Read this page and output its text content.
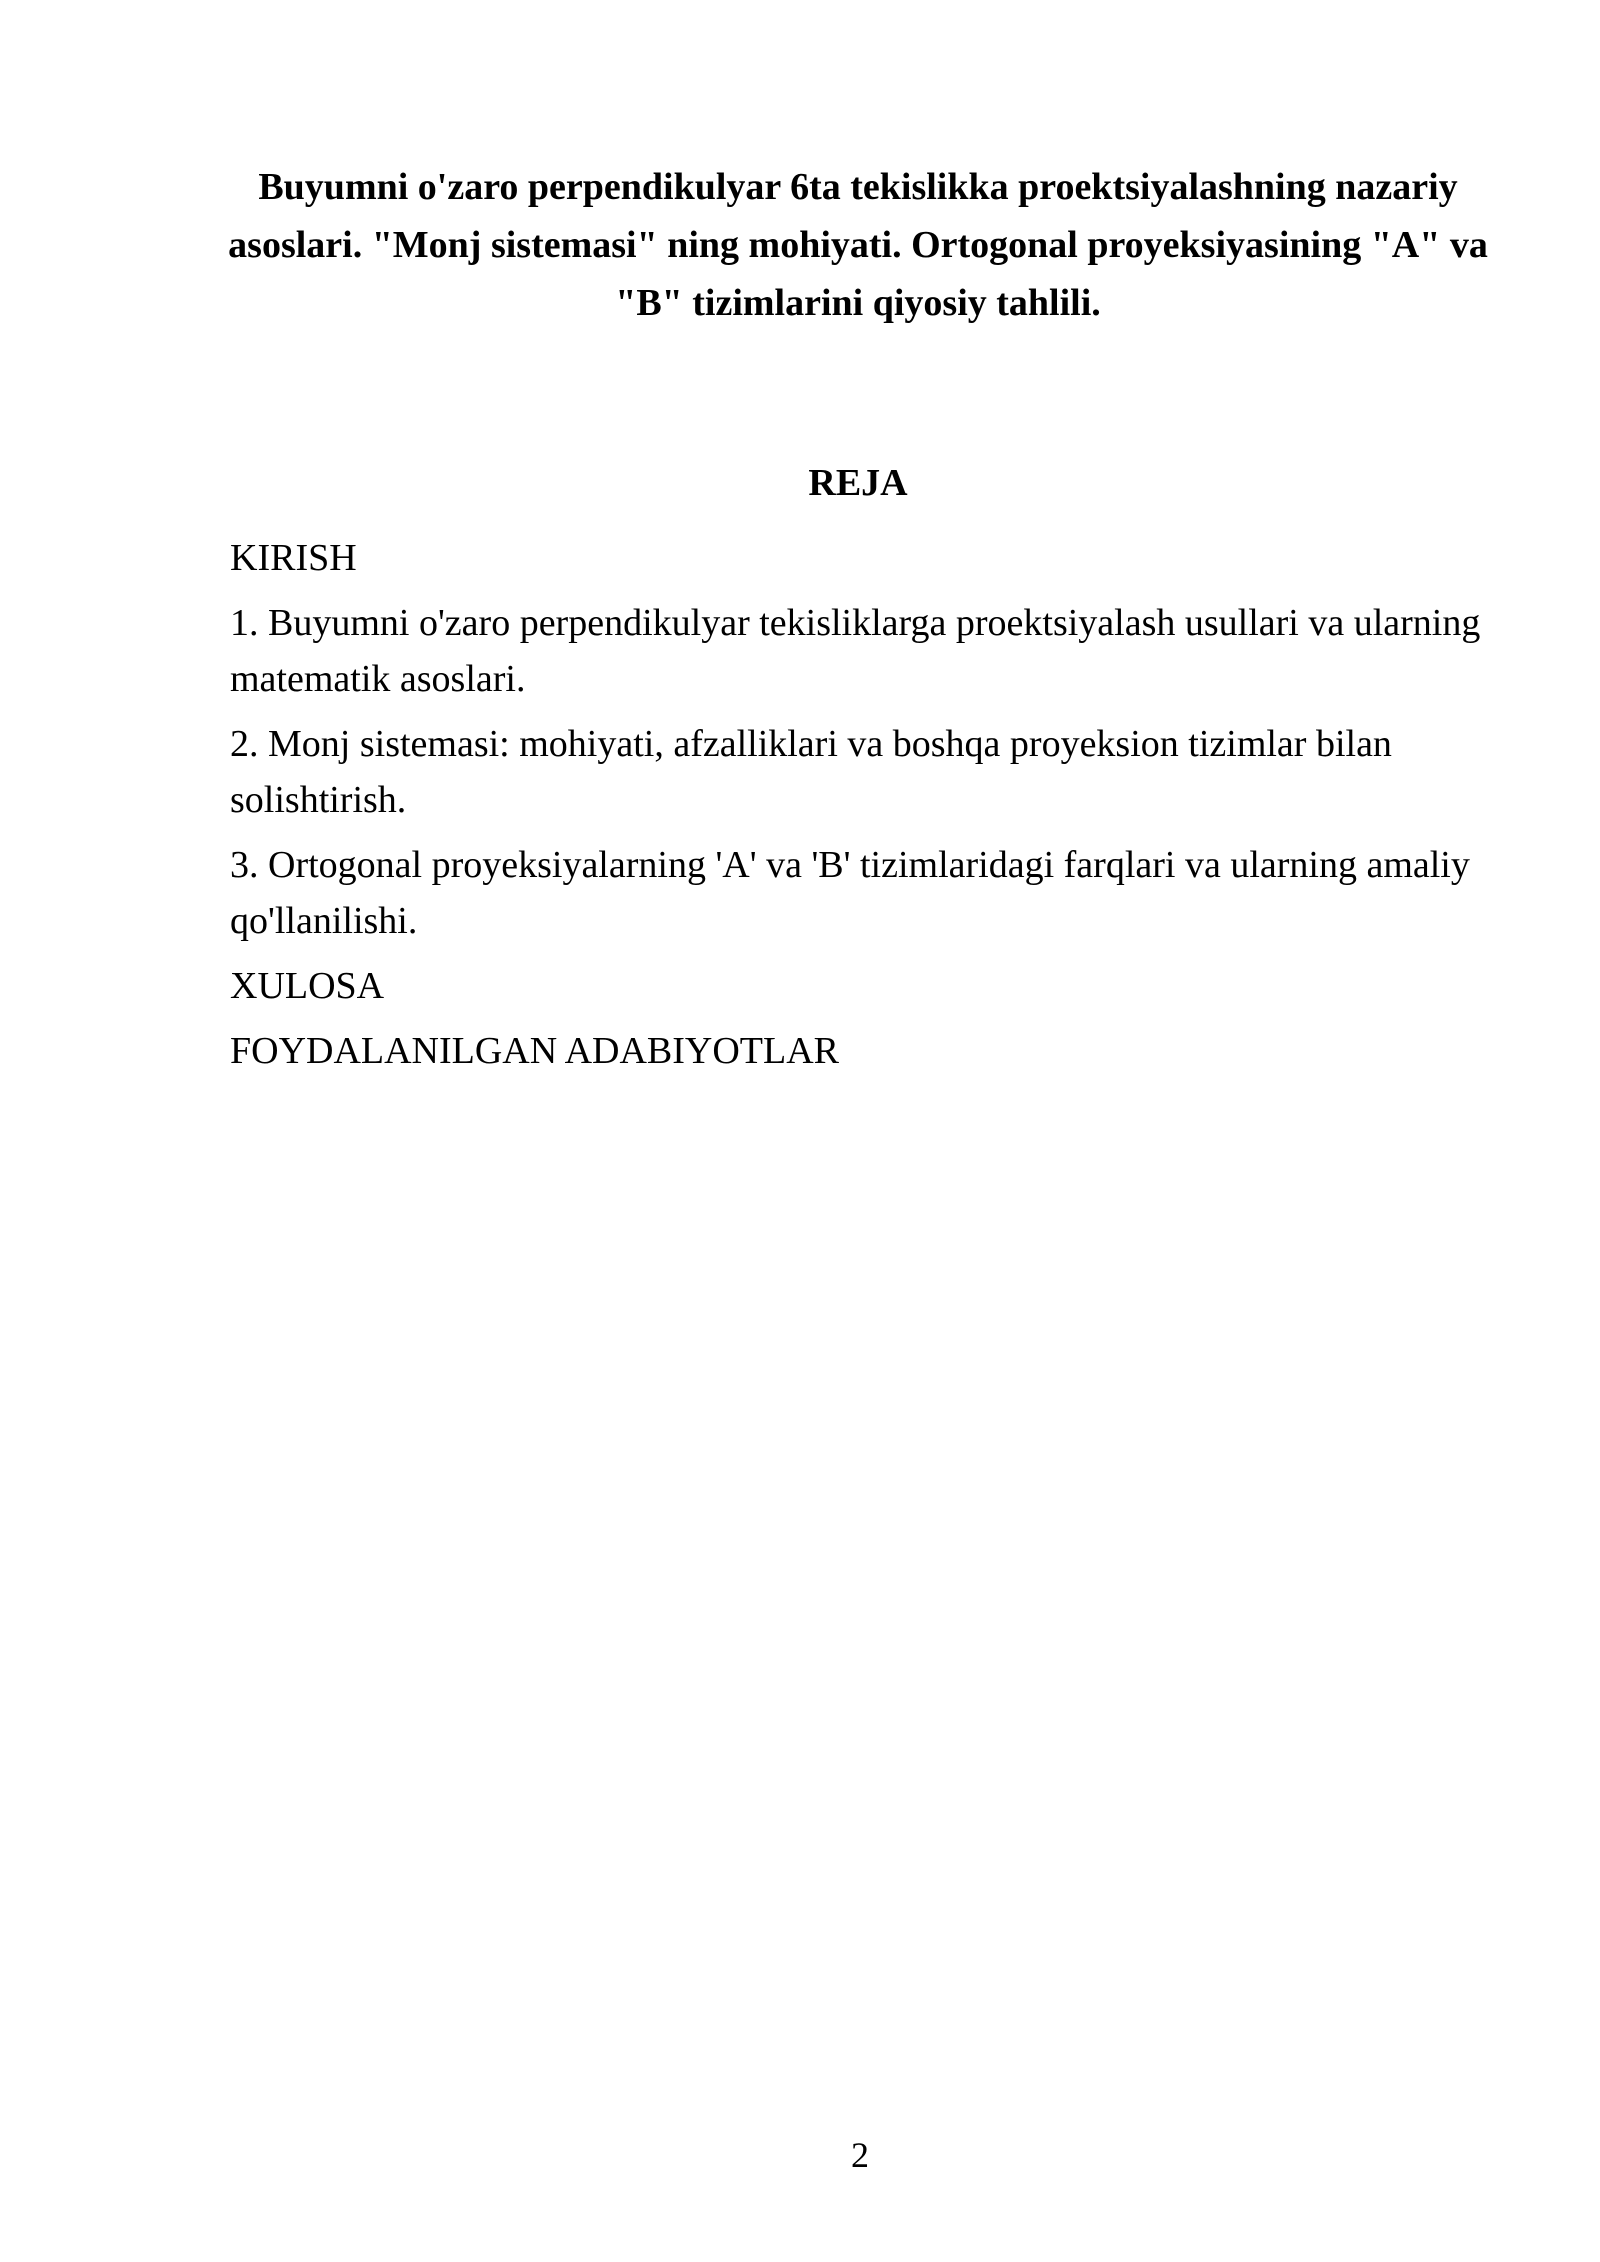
Buyumni o'zaro perpendikulyar 6ta tekislikka proektsiyalashning nazariy asoslari. "Monj sistemasi" ning mohiyati. Ortogonal proyeksiyasining "A" va "B" tizimlarini qiyosiy tahlili.
REJA
KIRISH
1. Buyumni o'zaro perpendikulyar tekisliklarga proektsiyalash usullari va ularning matematik asoslari.
2. Monj sistemasi: mohiyati, afzalliklari va boshqa proyeksion tizimlar bilan solishtirish.
3. Ortogonal proyeksiyalarning 'A' va 'B' tizimlaridagi farqlari va ularning amaliy qo'llanilishi.
XULOSA
FOYDALANILGAN ADABIYOTLAR

2
